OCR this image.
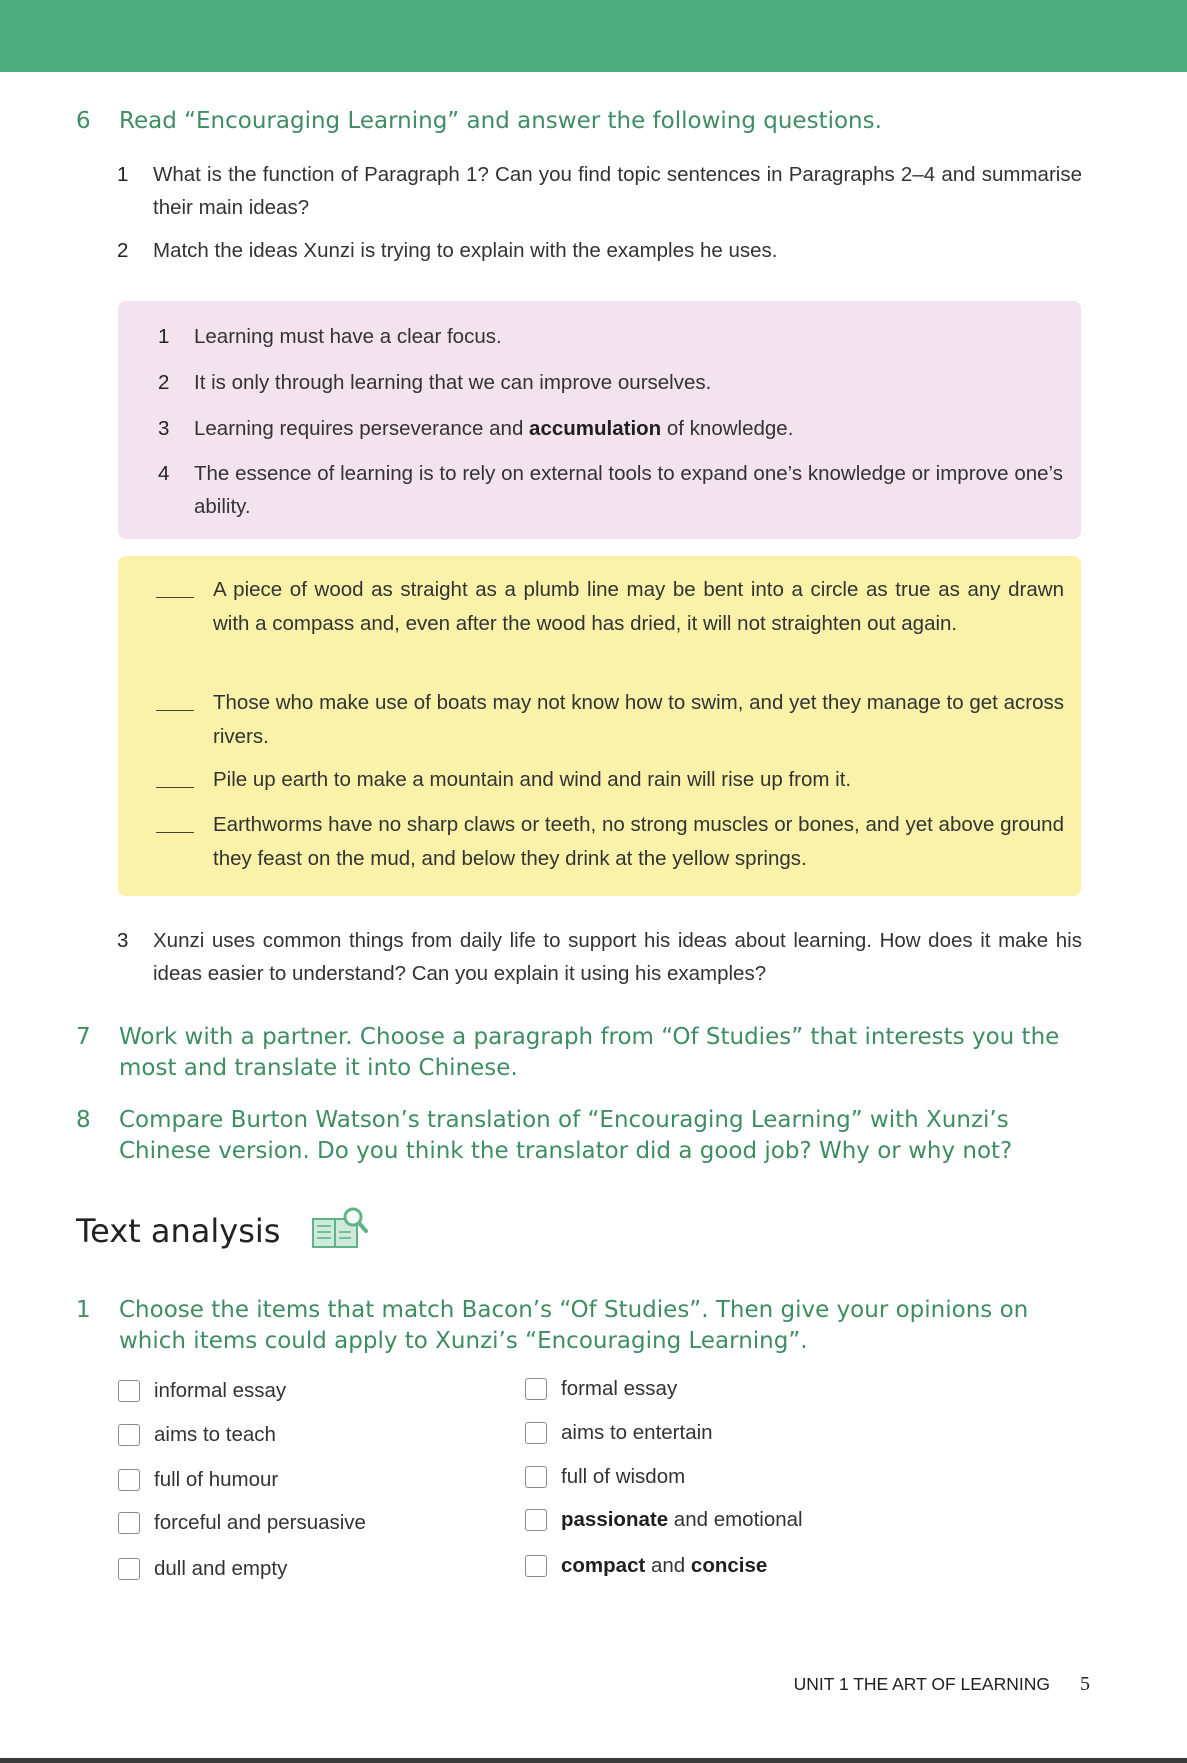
6 Read “Encouraging Learning” and answer the following questions.
1 What is the function of Paragraph 1? Can you find topic sentences in Paragraphs 2–4 and summarise their main ideas?
2 Match the ideas Xunzi is trying to explain with the examples he uses.
1 Learning must have a clear focus.
2 It is only through learning that we can improve ourselves.
3 Learning requires perseverance and accumulation of knowledge.
4 The essence of learning is to rely on external tools to expand one’s knowledge or improve one’s ability.
A piece of wood as straight as a plumb line may be bent into a circle as true as any drawn with a compass and, even after the wood has dried, it will not straighten out again.
Those who make use of boats may not know how to swim, and yet they manage to get across rivers.
Pile up earth to make a mountain and wind and rain will rise up from it.
Earthworms have no sharp claws or teeth, no strong muscles or bones, and yet above ground they feast on the mud, and below they drink at the yellow springs.
3 Xunzi uses common things from daily life to support his ideas about learning. How does it make his ideas easier to understand? Can you explain it using his examples?
7 Work with a partner. Choose a paragraph from “Of Studies” that interests you the most and translate it into Chinese.
8 Compare Burton Watson’s translation of “Encouraging Learning” with Xunzi’s Chinese version. Do you think the translator did a good job? Why or why not?
Text analysis
1 Choose the items that match Bacon’s “Of Studies”. Then give your opinions on which items could apply to Xunzi’s “Encouraging Learning”.
informal essay
aims to teach
full of humour
forceful and persuasive
dull and empty
formal essay
aims to entertain
full of wisdom
passionate and emotional
compact and concise
UNIT 1 THE ART OF LEARNING 5
